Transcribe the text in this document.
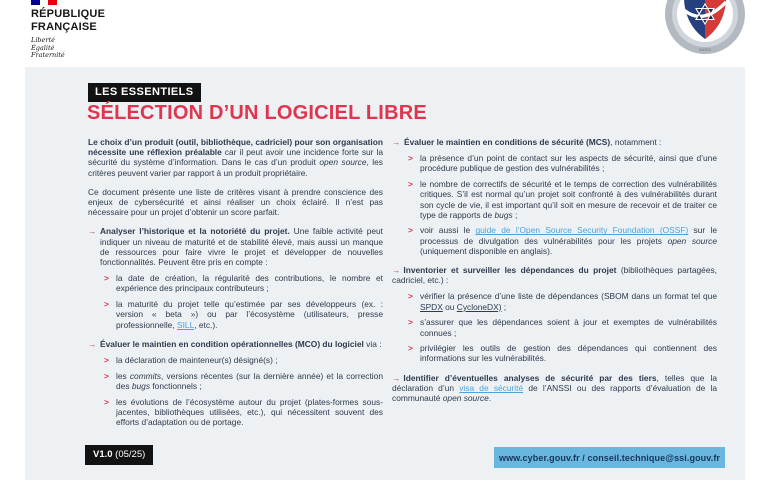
RÉPUBLIQUE
FRANÇAISE
Liberté
Égalité
Fraternité
ANSSI
LES ESSENTIELS
SÉLECTION D’UN LOGICIEL LIBRE
Le choix d’un produit (outil, bibliothèque, cadriciel) pour son organisation nécessite une réflexion préalable car il peut avoir une incidence forte sur la sécurité du système d’information. Dans le cas d’un produit open source, les critères peuvent varier par rapport à un produit propriétaire.
Ce document présente une liste de critères visant à prendre conscience des enjeux de cybersécurité et ainsi réaliser un choix éclairé. Il n’est pas nécessaire pour un projet d’obtenir un score parfait.
→ Analyser l’historique et la notoriété du projet. Une faible activité peut indiquer un niveau de maturité et de stabilité élevé, mais aussi un manque de ressources pour faire vivre le projet et développer de nouvelles fonctionnalités. Peuvent être pris en compte :
> la date de création, la régularité des contributions, le nombre et expérience des principaux contributeurs ;
> la maturité du projet telle qu’estimée par ses développeurs (ex. : version « beta ») ou par l’écosystème (utilisateurs, presse professionnelle, SILL, etc.).
→ Évaluer le maintien en condition opérationnelles (MCO) du logiciel via :
> la déclaration de mainteneur(s) désigné(s) ;
> les commits, versions récentes (sur la dernière année) et la correction des bugs fonctionnels ;
> les évolutions de l’écosystème autour du projet (plates-formes sous-jacentes, bibliothèques utilisées, etc.), qui nécessitent souvent des efforts d’adaptation ou de portage.
→ Évaluer le maintien en conditions de sécurité (MCS), notamment :
> la présence d’un point de contact sur les aspects de sécurité, ainsi que d’une procédure publique de gestion des vulnérabilités ;
> le nombre de correctifs de sécurité et le temps de correction des vulnérabilités critiques. S’il est normal qu’un projet soit confronté à des vulnérabilités durant son cycle de vie, il est important qu’il soit en mesure de recevoir et de traiter ce type de rapports de bugs ;
> voir aussi le guide de l’Open Source Security Foundation (OSSF) sur le processus de divulgation des vulnérabilités pour les projets open source (uniquement disponible en anglais).
→ Inventorier et surveiller les dépendances du projet (bibliothèques partagées, cadriciel, etc.) :
> vérifier la présence d’une liste de dépendances (SBOM dans un format tel que SPDX ou CycloneDX) ;
> s’assurer que les dépendances soient à jour et exemptes de vulnérabilités connues ;
> privilégier les outils de gestion des dépendances qui contiennent des informations sur les vulnérabilités.
→ Identifier d’éventuelles analyses de sécurité par des tiers, telles que la déclaration d’un visa de sécurité de l’ANSSI ou des rapports d’évaluation de la communauté open source.
V1.0 (05/25)	www.cyber.gouv.fr / conseil.technique@ssi.gouv.fr
